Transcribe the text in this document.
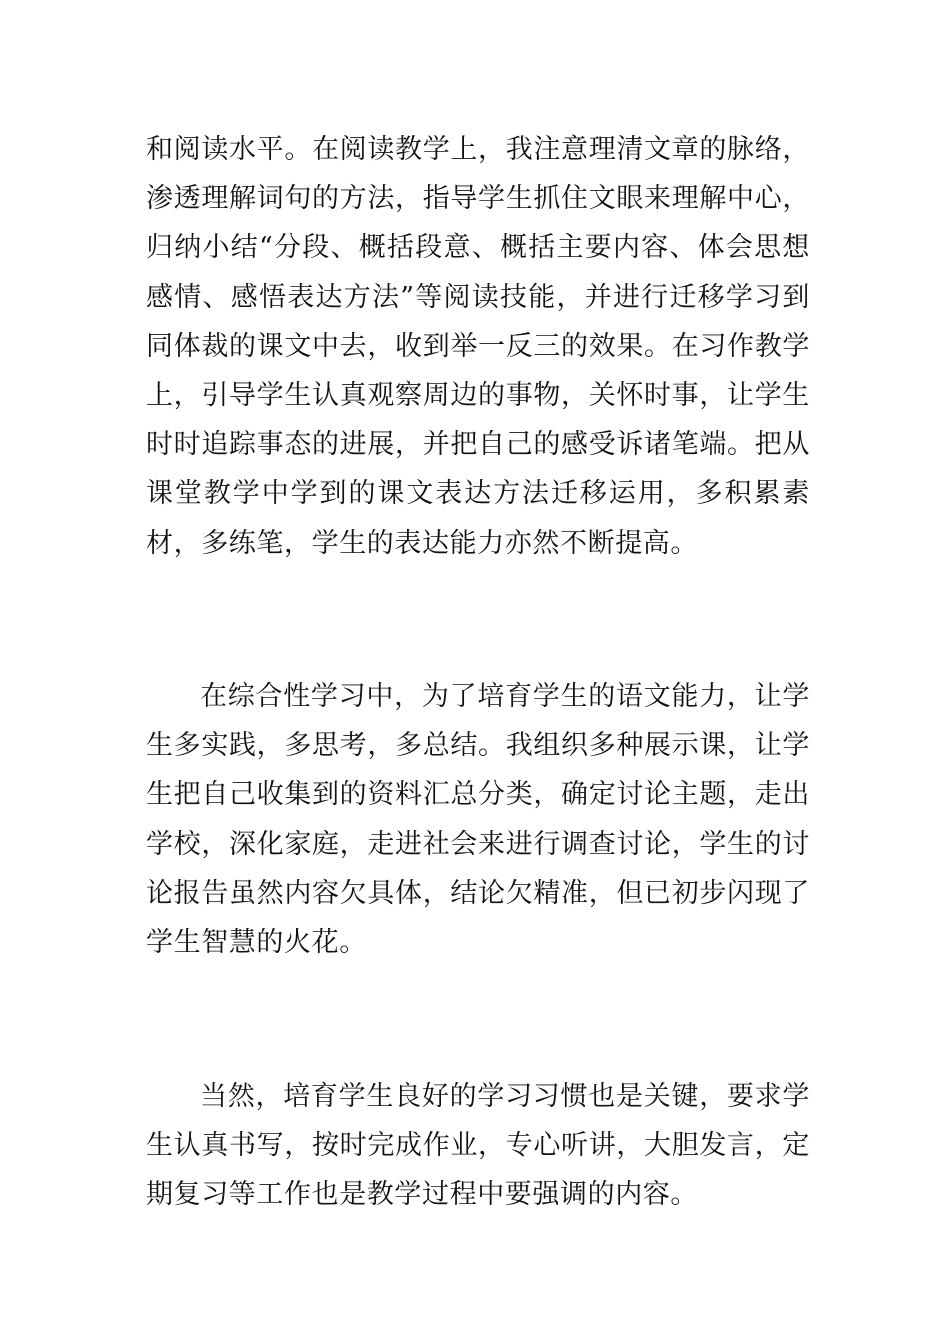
和阅读水平。在阅读教学上，我注意理清文章的脉络，渗透理解词句的方法，指导学生抓住文眼来理解中心，归纳小结“分段、概括段意、概括主要内容、体会思想感情、感悟表达方法”等阅读技能，并进行迁移学习到同体裁的课文中去，收到举一反三的效果。在习作教学上，引导学生认真观察周边的事物，关怀时事，让学生时时追踪事态的进展，并把自己的感受诉诸笔端。把从课堂教学中学到的课文表达方法迁移运用，多积累素材，多练笔，学生的表达能力亦然不断提高。

在综合性学习中，为了培育学生的语文能力，让学生多实践，多思考，多总结。我组织多种展示课，让学生把自己收集到的资料汇总分类，确定讨论主题，走出学校，深化家庭，走进社会来进行调查讨论，学生的讨论报告虽然内容欠具体，结论欠精准，但已初步闪现了学生智慧的火花。

当然，培育学生良好的学习习惯也是关键，要求学生认真书写，按时完成作业，专心听讲，大胆发言，定期复习等工作也是教学过程中要强调的内容。
